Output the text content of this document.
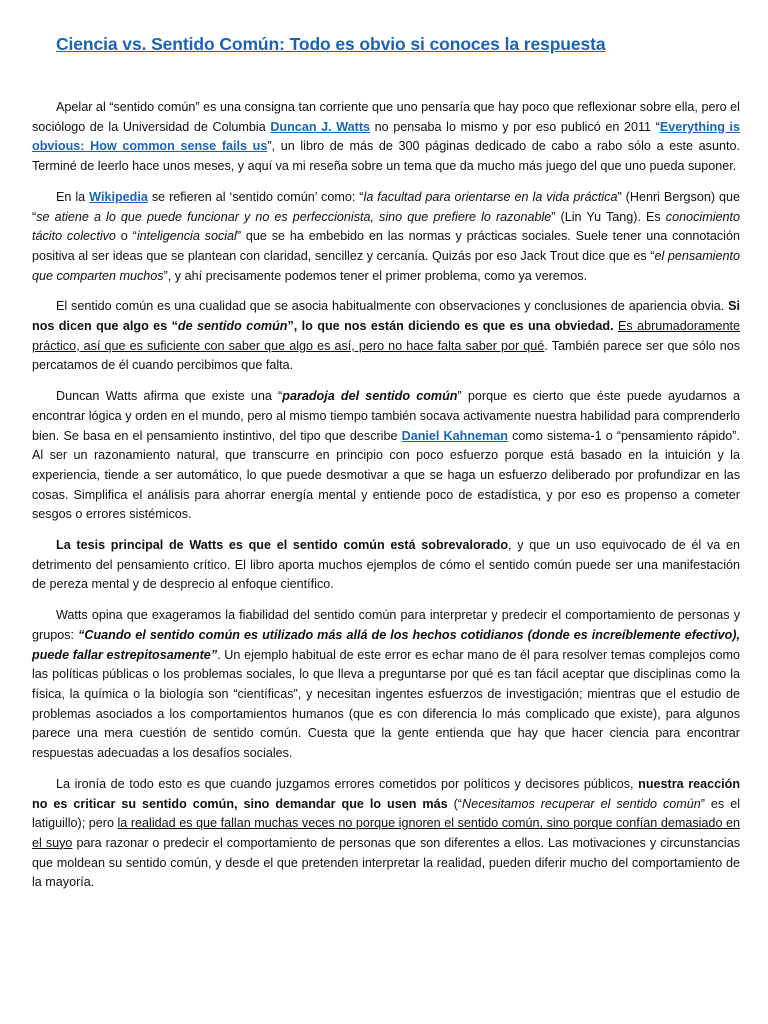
Ciencia vs. Sentido Común: Todo es obvio si conoces la respuesta

Apelar al “sentido común” es una consigna tan corriente que uno pensaría que hay poco que reflexionar sobre ella, pero el sociólogo de la Universidad de Columbia Duncan J. Watts no pensaba lo mismo y por eso publicó en 2011 “Everything is obvious: How common sense fails us”, un libro de más de 300 páginas dedicado de cabo a rabo sólo a este asunto. Terminé de leerlo hace unos meses, y aquí va mi reseña sobre un tema que da mucho más juego del que uno pueda suponer.

En la Wikipedia se refieren al ‘sentido común’ como: “la facultad para orientarse en la vida práctica” (Henri Bergson) que “se atiene a lo que puede funcionar y no es perfeccionista, sino que prefiere lo razonable” (Lin Yu Tang). Es conocimiento tácito colectivo o “inteligencia social” que se ha embebido en las normas y prácticas sociales. Suele tener una connotación positiva al ser ideas que se plantean con claridad, sencillez y cercanía. Quizás por eso Jack Trout dice que es “el pensamiento que comparten muchos”, y ahí precisamente podemos tener el primer problema, como ya veremos.

El sentido común es una cualidad que se asocia habitualmente con observaciones y conclusiones de apariencia obvia. Si nos dicen que algo es “de sentido común”, lo que nos están diciendo es que es una obviedad. Es abrumadoramente práctico, así que es suficiente con saber que algo es así, pero no hace falta saber por qué. También parece ser que sólo nos percatamos de él cuando percibimos que falta.

Duncan Watts afirma que existe una “paradoja del sentido común” porque es cierto que éste puede ayudarnos a encontrar lógica y orden en el mundo, pero al mismo tiempo también socava activamente nuestra habilidad para comprenderlo bien. Se basa en el pensamiento instintivo, del tipo que describe Daniel Kahneman como sistema-1 o “pensamiento rápido”. Al ser un razonamiento natural, que transcurre en principio con poco esfuerzo porque está basado en la intuición y la experiencia, tiende a ser automático, lo que puede desmotivar a que se haga un esfuerzo deliberado por profundizar en las cosas. Simplifica el análisis para ahorrar energía mental y entiende poco de estadística, y por eso es propenso a cometer sesgos o errores sistémicos.

La tesis principal de Watts es que el sentido común está sobrevalorado, y que un uso equivocado de él va en detrimento del pensamiento crítico. El libro aporta muchos ejemplos de cómo el sentido común puede ser una manifestación de pereza mental y de desprecio al enfoque científico.

Watts opina que exageramos la fiabilidad del sentido común para interpretar y predecir el comportamiento de personas y grupos: “Cuando el sentido común es utilizado más allá de los hechos cotidianos (donde es increíblemente efectivo), puede fallar estrepitosamente”. Un ejemplo habitual de este error es echar mano de él para resolver temas complejos como las políticas públicas o los problemas sociales, lo que lleva a preguntarse por qué es tan fácil aceptar que disciplinas como la física, la química o la biología son “científicas”, y necesitan ingentes esfuerzos de investigación; mientras que el estudio de problemas asociados a los comportamientos humanos (que es con diferencia lo más complicado que existe), para algunos parece una mera cuestión de sentido común. Cuesta que la gente entienda que hay que hacer ciencia para encontrar respuestas adecuadas a los desafíos sociales.

La ironía de todo esto es que cuando juzgamos errores cometidos por políticos y decisores públicos, nuestra reacción no es criticar su sentido común, sino demandar que lo usen más (“Necesitamos recuperar el sentido común” es el latiguillo); pero la realidad es que fallan muchas veces no porque ignoren el sentido común, sino porque confían demasiado en el suyo para razonar o predecir el comportamiento de personas que son diferentes a ellos. Las motivaciones y circunstancias que moldean su sentido común, y desde el que pretenden interpretar la realidad, pueden diferir mucho del comportamiento de la mayoría.
